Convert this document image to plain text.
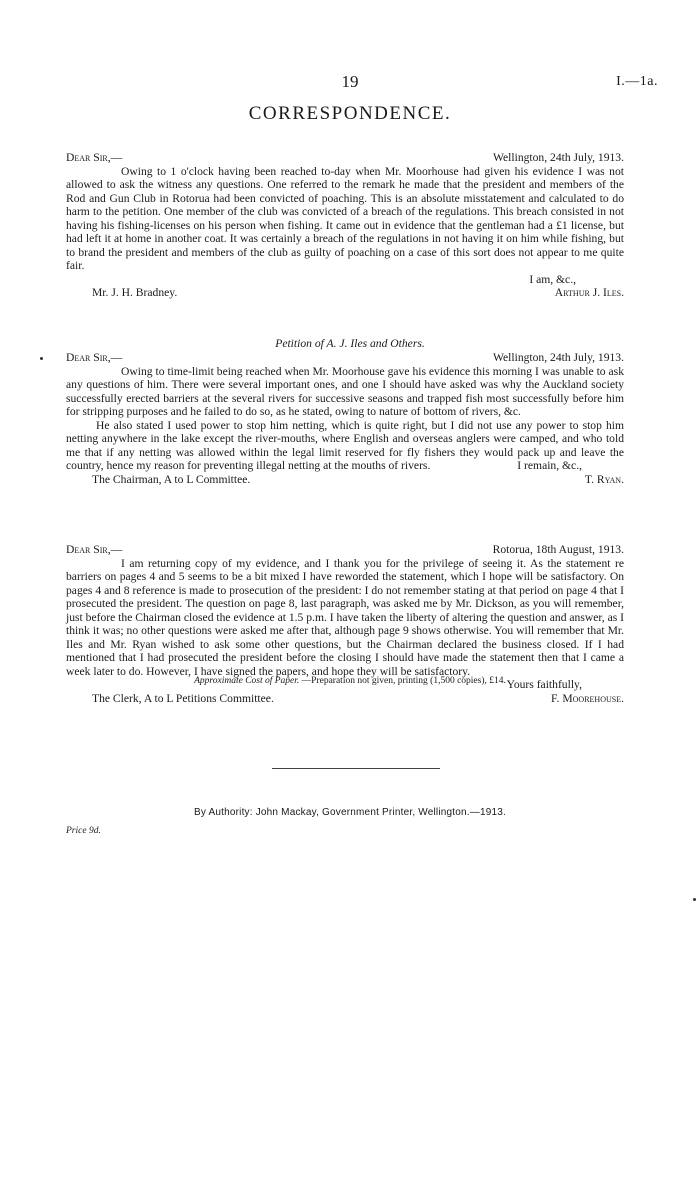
19	I.—1a.
CORRESPONDENCE.
Dear Sir,—	Wellington, 24th July, 1913.

Owing to 1 o'clock having been reached to-day when Mr. Moorhouse had given his evidence I was not allowed to ask the witness any questions. One referred to the remark he made that the president and members of the Rod and Gun Club in Rotorua had been convicted of poaching. This is an absolute misstatement and calculated to do harm to the petition. One member of the club was convicted of a breach of the regulations. This breach consisted in not having his fishing-licenses on his person when fishing. It came out in evidence that the gentleman had a £1 license, but had left it at home in another coat. It was certainly a breach of the regulations in not having it on him while fishing, but to brand the president and members of the club as guilty of poaching on a case of this sort does not appear to me quite fair.

I am, &c.,
Mr. J. H. Bradney.	Arthur J. Iles.
Petition of A. J. Iles and Others.
Dear Sir,—	Wellington, 24th July, 1913.

Owing to time-limit being reached when Mr. Moorhouse gave his evidence this morning I was unable to ask any questions of him. There were several important ones, and one I should have asked was why the Auckland society successfully erected barriers at the several rivers for successive seasons and trapped fish most successfully before him for stripping purposes and he failed to do so, as he stated, owing to nature of bottom of rivers, &c.

He also stated I used power to stop him netting, which is quite right, but I did not use any power to stop him netting anywhere in the lake except the river-mouths, where English and overseas anglers were camped, and who told me that if any netting was allowed within the legal limit reserved for fly fishers they would pack up and leave the country, hence my reason for preventing illegal netting at the mouths of rivers.	I remain, &c.,
The Chairman, A to L Committee.	T. Ryan.
Dear Sir,—	Rotorua, 18th August, 1913.

I am returning copy of my evidence, and I thank you for the privilege of seeing it. As the statement re barriers on pages 4 and 5 seems to be a bit mixed I have reworded the statement, which I hope will be satisfactory. On pages 4 and 8 reference is made to prosecution of the president: I do not remember stating at that period on page 4 that I prosecuted the president. The question on page 8, last paragraph, was asked me by Mr. Dickson, as you will remember, just before the Chairman closed the evidence at 1.5 p.m. I have taken the liberty of altering the question and answer, as I think it was; no other questions were asked me after that, although page 9 shows otherwise. You will remember that Mr. Iles and Mr. Ryan wished to ask some other questions, but the Chairman declared the business closed. If I had mentioned that I had prosecuted the president before the closing I should have made the statement then that I came a week later to do. However, I have signed the papers, and hope they will be satisfactory.

Yours faithfully,
The Clerk, A to L Petitions Committee.	F. Moorehouse.
Approximate Cost of Paper. —Preparation not given, printing (1,500 copies), £14.
By Authority: John Mackay, Government Printer, Wellington.—1913.
Price 9d.
